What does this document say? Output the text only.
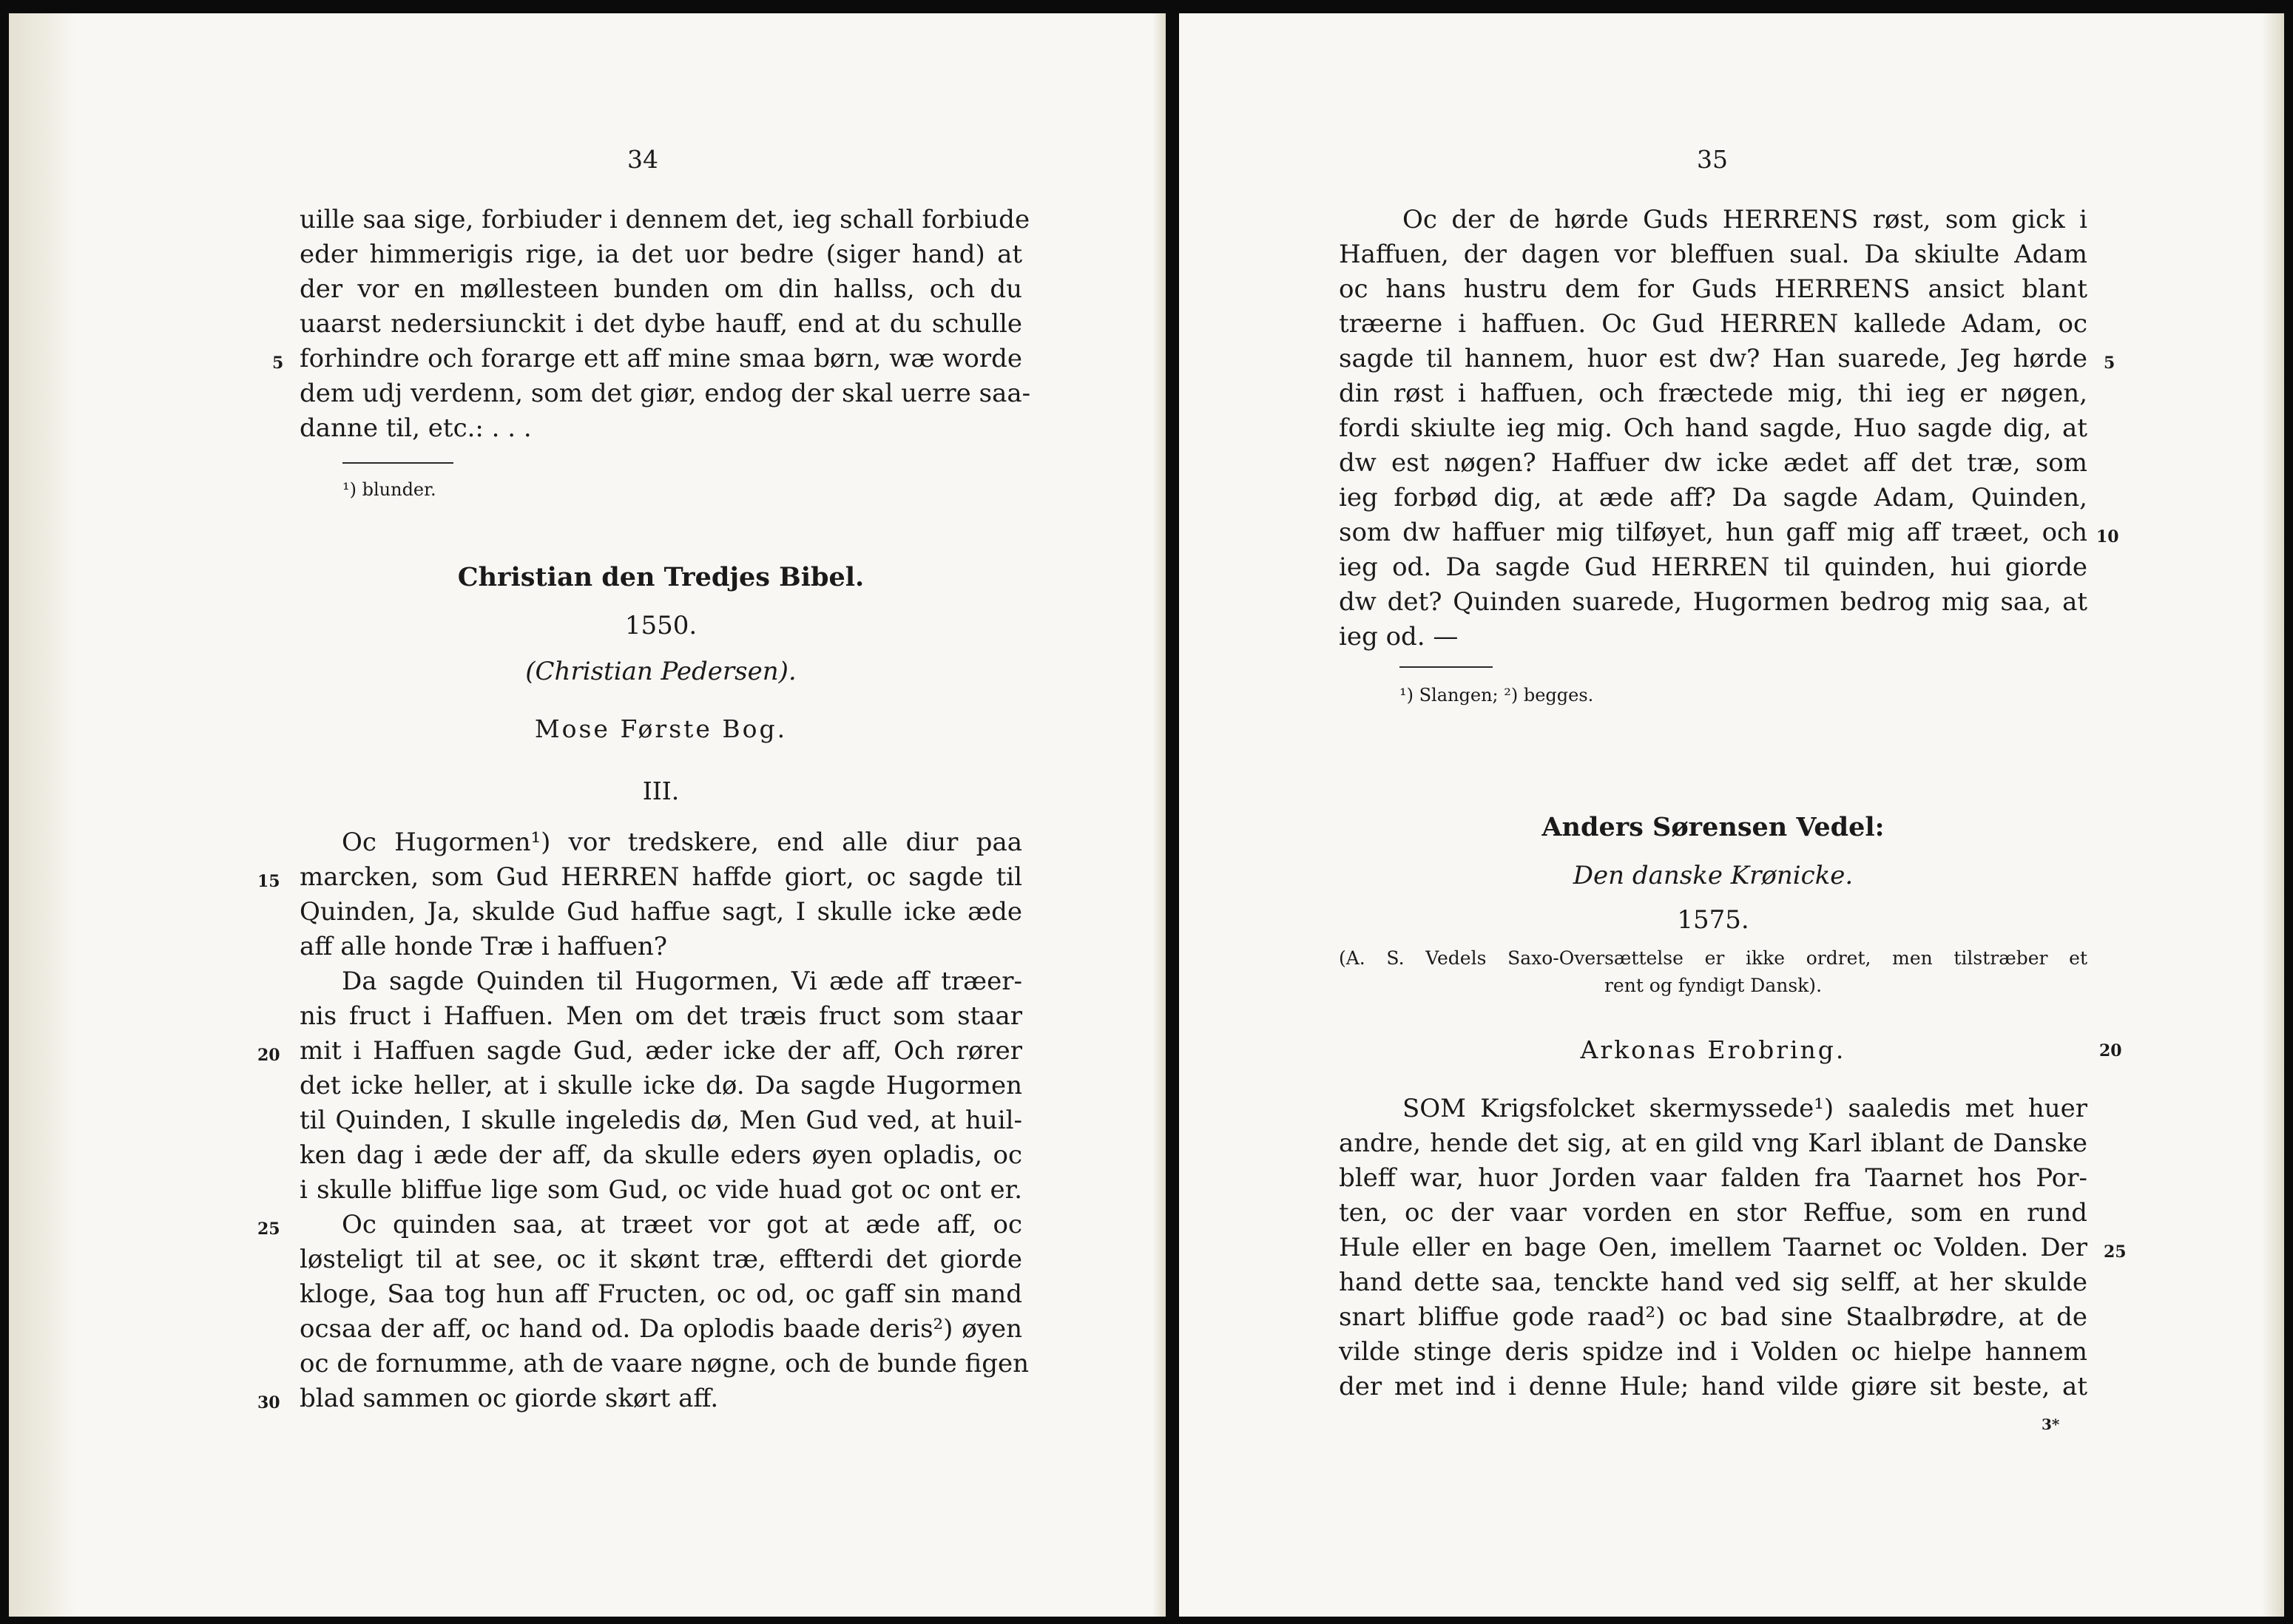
34
uille saa sige, forbiuder i dennem det, ieg schall forbiude
eder himmerigis rige, ia det uor bedre (siger hand) at
der vor en møllesteen bunden om din hallss, och du
uaarst nedersiunckit i det dybe hauff, end at du schulle
5 forhindre och forarge ett aff mine smaa børn, wæ worde
dem udj verdenn, som det giør, endog der skal uerre saa-
danne til, etc.: . . .
¹) blunder.
Christian den Tredjes Bibel.
1550.
(Christian Pedersen).
Mose Første Bog.
III.
Oc Hugormen¹) vor tredskere, end alle diur paa
15 marcken, som Gud HERREN haffde giort, oc sagde til
Quinden, Ja, skulde Gud haffue sagt, I skulle icke æde
aff alle honde Træ i haffuen?
Da sagde Quinden til Hugormen, Vi æde aff træer-
nis fruct i Haffuen. Men om det træis fruct som staar
20 mit i Haffuen sagde Gud, æder icke der aff, Och rører
det icke heller, at i skulle icke dø. Da sagde Hugormen
til Quinden, I skulle ingeledis dø, Men Gud ved, at huil-
ken dag i æde der aff, da skulle eders øyen opladis, oc
i skulle bliffue lige som Gud, oc vide huad got oc ont er.
25 Oc quinden saa, at træet vor got at æde aff, oc
løsteligt til at see, oc it skønt træ, effterdi det giorde
kloge, Saa tog hun aff Fructen, oc od, oc gaff sin mand
ocsaa der aff, oc hand od. Da oplodis baade deris²) øyen
oc de fornumme, ath de vaare nøgne, och de bunde figen
30 blad sammen oc giorde skørt aff.
35
Oc der de hørde Guds HERRENS røst, som gick i
Haffuen, der dagen vor bleffuen sual. Da skiulte Adam
oc hans hustru dem for Guds HERRENS ansict blant
træerne i haffuen. Oc Gud HERREN kallede Adam, oc
sagde til hannem, huor est dw? Han suarede, Jeg hørde 5
din røst i haffuen, och fræctede mig, thi ieg er nøgen,
fordi skiulte ieg mig. Och hand sagde, Huo sagde dig, at
dw est nøgen? Haffuer dw icke ædet aff det træ, som
ieg forbød dig, at æde aff? Da sagde Adam, Quinden,
som dw haffuer mig tilføyet, hun gaff mig aff træet, och 10
ieg od. Da sagde Gud HERREN til quinden, hui giorde
dw det? Quinden suarede, Hugormen bedrog mig saa, at
ieg od. —
¹) Slangen; ²) begges.
Anders Sørensen Vedel:
Den danske Krønicke.
1575.
(A. S. Vedels Saxo-Oversættelse er ikke ordret, men tilstræber et
rent og fyndigt Dansk).
Arkonas Erobring.	20
SOM Krigsfolcket skermyssede¹) saaledis met huer
andre, hende det sig, at en gild vng Karl iblant de Danske
bleff war, huor Jorden vaar falden fra Taarnet hos Por-
ten, oc der vaar vorden en stor Reffue, som en rund
Hule eller en bage Oen, imellem Taarnet oc Volden. Der 25
hand dette saa, tenckte hand ved sig selff, at her skulde
snart bliffue gode raad²) oc bad sine Staalbrødre, at de
vilde stinge deris spidze ind i Volden oc hielpe hannem
der met ind i denne Hule; hand vilde giøre sit beste, at
3*
